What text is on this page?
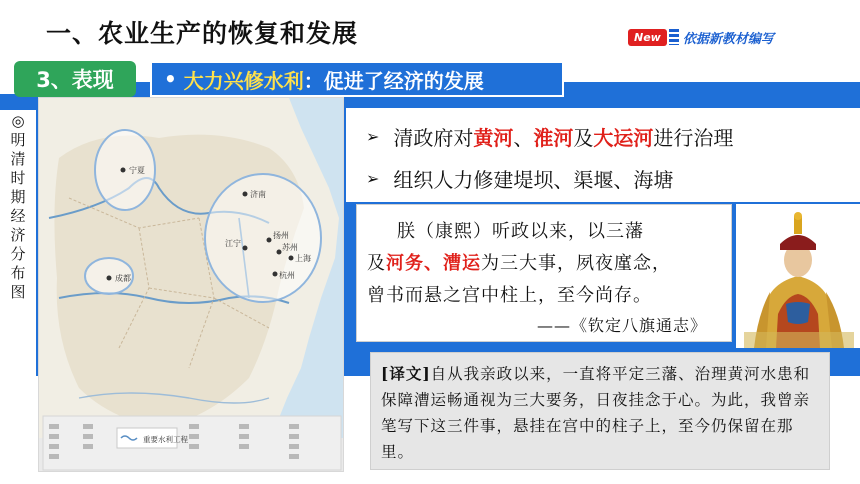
一、农业生产的恢复和发展	New	依据新教材编写
3、表现	• 大力兴修水利 ：促进了经济的发展
◎
明
清
时
期
经
济
分
布
图
宁夏
成都
济南
扬州
杭州
上海
苏州
江宁
重要水利工程
➢ 清政府对 黄河 、 淮河 及 大运河 进行治理
➢ 组织人力修建堤坝、渠堰、海塘
朕（康熙）听政以来，以三藩
及河务、漕运为三大事，夙夜廑念，
曾书而悬之宫中柱上，至今尚存。
——《钦定八旗通志》

[译文]自从我亲政以来，一直将平定三藩、治理黄河水患和保障漕运畅通视为三大要务，日夜挂念于心。为此，我曾亲笔写下这三件事，悬挂在宫中的柱子上，至今仍保留在那里。
